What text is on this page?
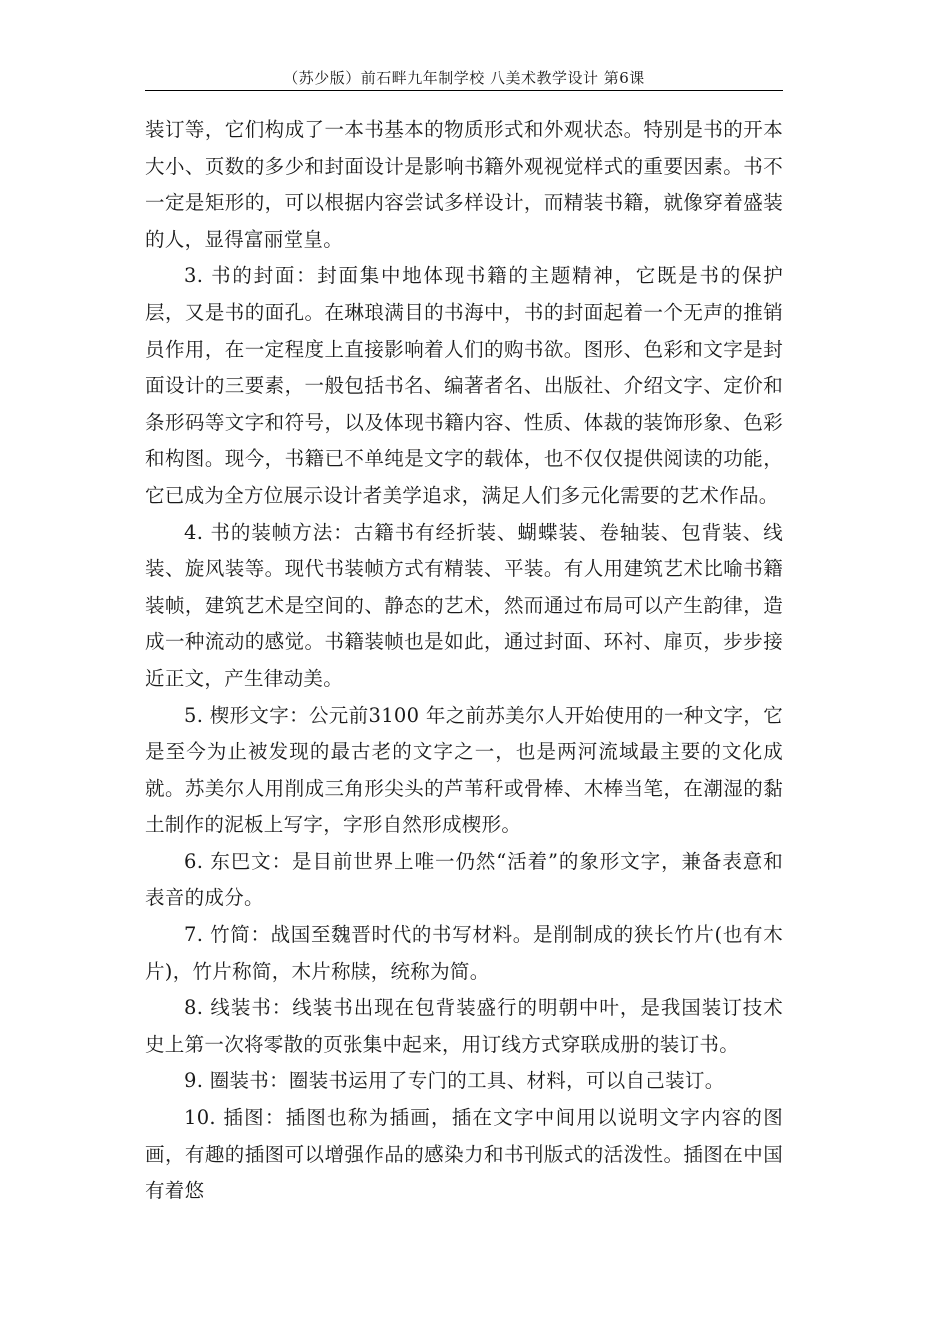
（苏少版）前石畔九年制学校 八美术教学设计 第6课

装订等，它们构成了一本书基本的物质形式和外观状态。特别是书的开本大小、页数的多少和封面设计是影响书籍外观视觉样式的重要因素。书不一定是矩形的，可以根据内容尝试多样设计，而精装书籍，就像穿着盛装的人，显得富丽堂皇。

3. 书的封面：封面集中地体现书籍的主题精神，它既是书的保护层，又是书的面孔。在琳琅满目的书海中，书的封面起着一个无声的推销员作用，在一定程度上直接影响着人们的购书欲。图形、色彩和文字是封面设计的三要素，一般包括书名、编著者名、出版社、介绍文字、定价和条形码等文字和符号，以及体现书籍内容、性质、体裁的装饰形象、色彩和构图。现今，书籍已不单纯是文字的载体，也不仅仅提供阅读的功能，它已成为全方位展示设计者美学追求，满足人们多元化需要的艺术作品。

4. 书的装帧方法：古籍书有经折装、蝴蝶装、卷轴装、包背装、线装、旋风装等。现代书装帧方式有精装、平装。有人用建筑艺术比喻书籍装帧，建筑艺术是空间的、静态的艺术，然而通过布局可以产生韵律，造成一种流动的感觉。书籍装帧也是如此，通过封面、环衬、扉页，步步接近正文，产生律动美。

5. 楔形文字：公元前3100 年之前苏美尔人开始使用的一种文字，它是至今为止被发现的最古老的文字之一，也是两河流域最主要的文化成就。苏美尔人用削成三角形尖头的芦苇秆或骨棒、木棒当笔，在潮湿的黏土制作的泥板上写字，字形自然形成楔形。

6. 东巴文：是目前世界上唯一仍然“活着”的象形文字，兼备表意和表音的成分。

7. 竹简：战国至魏晋时代的书写材料。是削制成的狭长竹片(也有木片)，竹片称简，木片称牍，统称为简。

8. 线装书：线装书出现在包背装盛行的明朝中叶，是我国装订技术史上第一次将零散的页张集中起来，用订线方式穿联成册的装订书。

9. 圈装书：圈装书运用了专门的工具、材料，可以自己装订。

10. 插图：插图也称为插画，插在文字中间用以说明文字内容的图画，有趣的插图可以增强作品的感染力和书刊版式的活泼性。插图在中国有着悠
